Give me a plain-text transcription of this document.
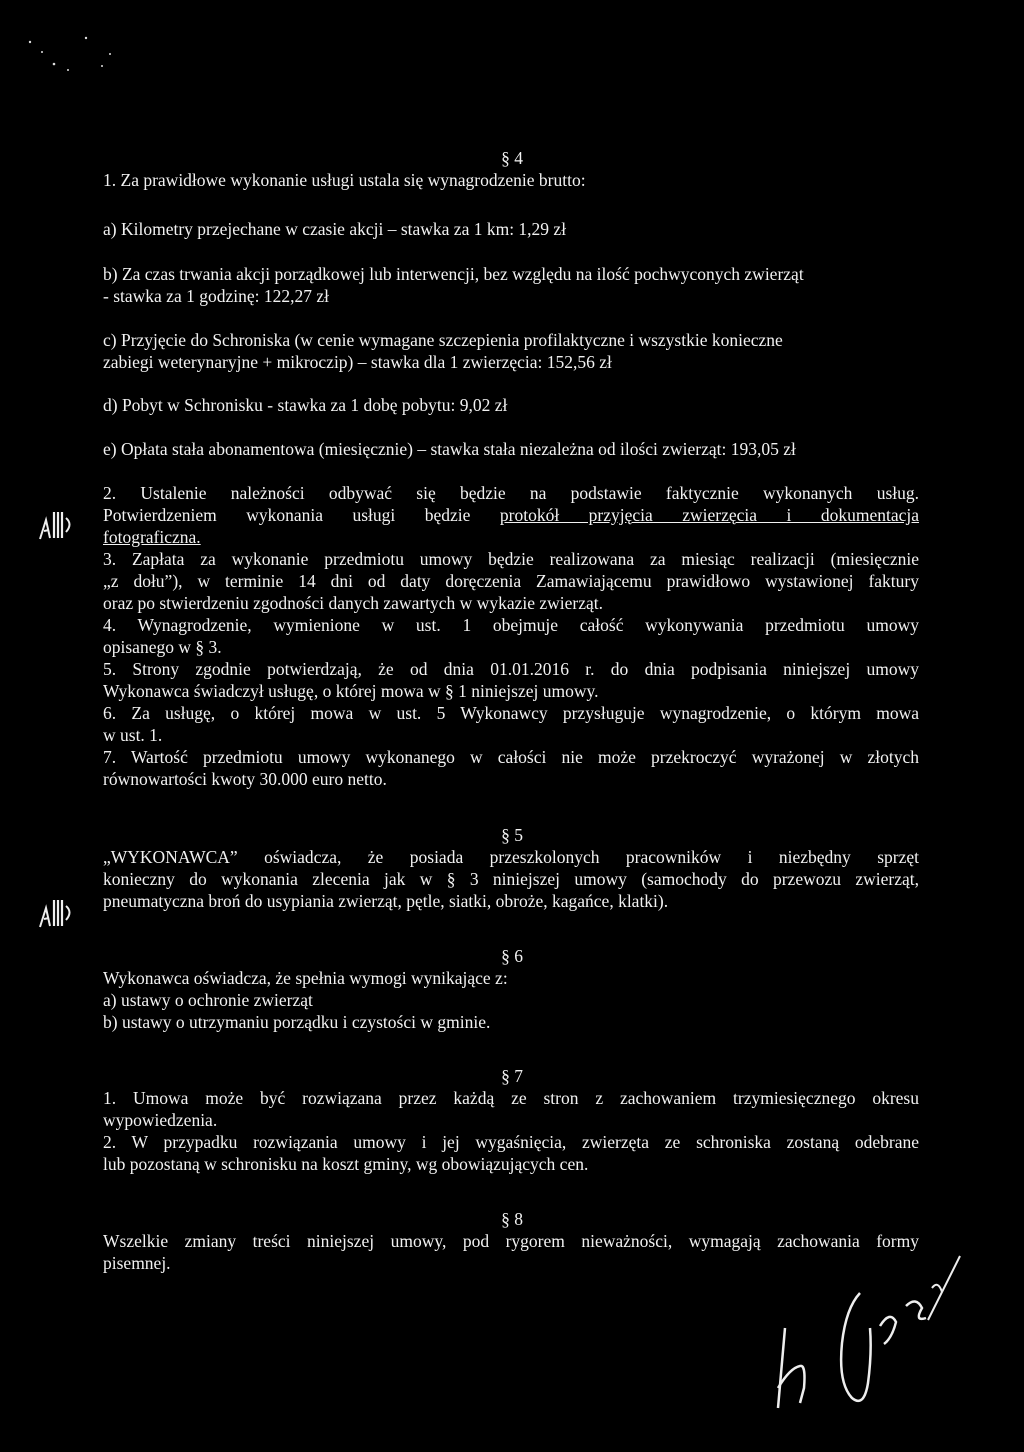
§ 4
1. Za prawidłowe wykonanie usługi ustala się wynagrodzenie brutto:
a) Kilometry przejechane w czasie akcji – stawka za 1 km: 1,29 zł
b) Za czas trwania akcji porządkowej lub interwencji, bez względu na ilość pochwyconych zwierząt
- stawka za 1 godzinę: 122,27 zł
c) Przyjęcie do Schroniska (w cenie wymagane szczepienia profilaktyczne i wszystkie konieczne
zabiegi weterynaryjne + mikroczip) – stawka dla 1 zwierzęcia: 152,56 zł
d) Pobyt w Schronisku - stawka za 1 dobę pobytu: 9,02 zł
e) Opłata stała abonamentowa (miesięcznie) – stawka stała niezależna od ilości zwierząt: 193,05 zł
2. Ustalenie należności odbywać się będzie na podstawie faktycznie wykonanych usług.
Potwierdzeniem wykonania usługi będzie protokół przyjęcia zwierzęcia i dokumentacja
fotograficzna.
3. Zapłata za wykonanie przedmiotu umowy będzie realizowana za miesiąc realizacji (miesięcznie
„z dołu”), w terminie 14 dni od daty doręczenia Zamawiającemu prawidłowo wystawionej faktury
oraz po stwierdzeniu zgodności danych zawartych w wykazie zwierząt.
4. Wynagrodzenie, wymienione w ust. 1 obejmuje całość wykonywania przedmiotu umowy
opisanego w § 3.
5. Strony zgodnie potwierdzają, że od dnia 01.01.2016 r. do dnia podpisania niniejszej umowy
Wykonawca świadczył usługę, o której mowa w § 1 niniejszej umowy.
6. Za usługę, o której mowa w ust. 5 Wykonawcy przysługuje wynagrodzenie, o którym mowa
w ust. 1.
7. Wartość przedmiotu umowy wykonanego w całości nie może przekroczyć wyrażonej w złotych
równowartości kwoty 30.000 euro netto.
§ 5
„WYKONAWCA” oświadcza, że posiada przeszkolonych pracowników i niezbędny sprzęt
konieczny do wykonania zlecenia jak w § 3 niniejszej umowy (samochody do przewozu zwierząt,
pneumatyczna broń do usypiania zwierząt, pętle, siatki, obroże, kagańce, klatki).
§ 6
Wykonawca oświadcza, że spełnia wymogi wynikające z:
a) ustawy o ochronie zwierząt
b) ustawy o utrzymaniu porządku i czystości w gminie.
§ 7
1. Umowa może być rozwiązana przez każdą ze stron z zachowaniem trzymiesięcznego okresu
wypowiedzenia.
2. W przypadku rozwiązania umowy i jej wygaśnięcia, zwierzęta ze schroniska zostaną odebrane
lub pozostaną w schronisku na koszt gminy, wg obowiązujących cen.
§ 8
Wszelkie zmiany treści niniejszej umowy, pod rygorem nieważności, wymagają zachowania formy
pisemnej.
